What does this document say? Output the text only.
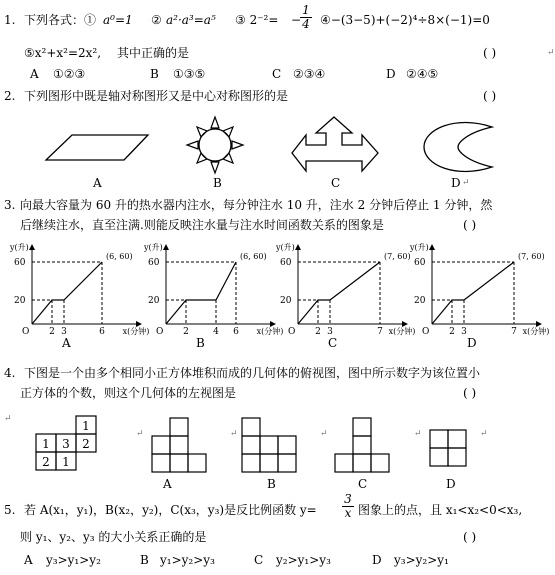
1. 下列各式：① a⁰=1 ② a²·a³=a⁵ ③ 2⁻²= −
$\frac{1}{4}$ ④−(3−5)+(−2)⁴÷8×(−1)=0
⑤x²+x²=2x², 其中正确的是	( )	↵
A ①②③	B ①③⑤	C ②③④	D ②④⑤
2. 下列图形中既是轴对称图形又是中心对称图形的是	( )
A	B	C	D ↵
3. 向最大容量为 60 升的热水器内注水，每分钟注水 10 升，注水 2 分钟后停止 1 分钟，然
后继续注水，直至注满.则能反映注水量与注水时间函数关系的图象是	( )
y(升)
x(分钟)
O
60
20
(6, 60)
2 3	6
y(升)
x(分钟)
O
60
20
(6, 60)
2	4 6
y(升)
x(分钟)
O
60
20
(7, 60)
2 3	7
y(升)
x(分钟)
O
60
20
(7, 60)
2 3	7
A	B	C	D
4. 下图是一个由多个相同小正方体堆积而成的几何体的俯视图，图中所示数字为该位置小
正方体的个数，则这个几何体的左视图是	( )
1
1 3 2
2 1
A	B	C	D
↵
↵	↵	↵	↵	↵
5. 若 A(x₁，y₁)，B(x₂，y₂)，C(x₃，y₃)是反比例函数 $y= \frac{3}{x}$ 图象上的点，且 x₁<x₂<0<x₃,
则 y₁、y₂、y₃ 的大小关系正确的是	( )
A y₃>y₁>y₂	B y₁>y₂>y₃	C y₂>y₁>y₃	D y₃>y₂>y₁
